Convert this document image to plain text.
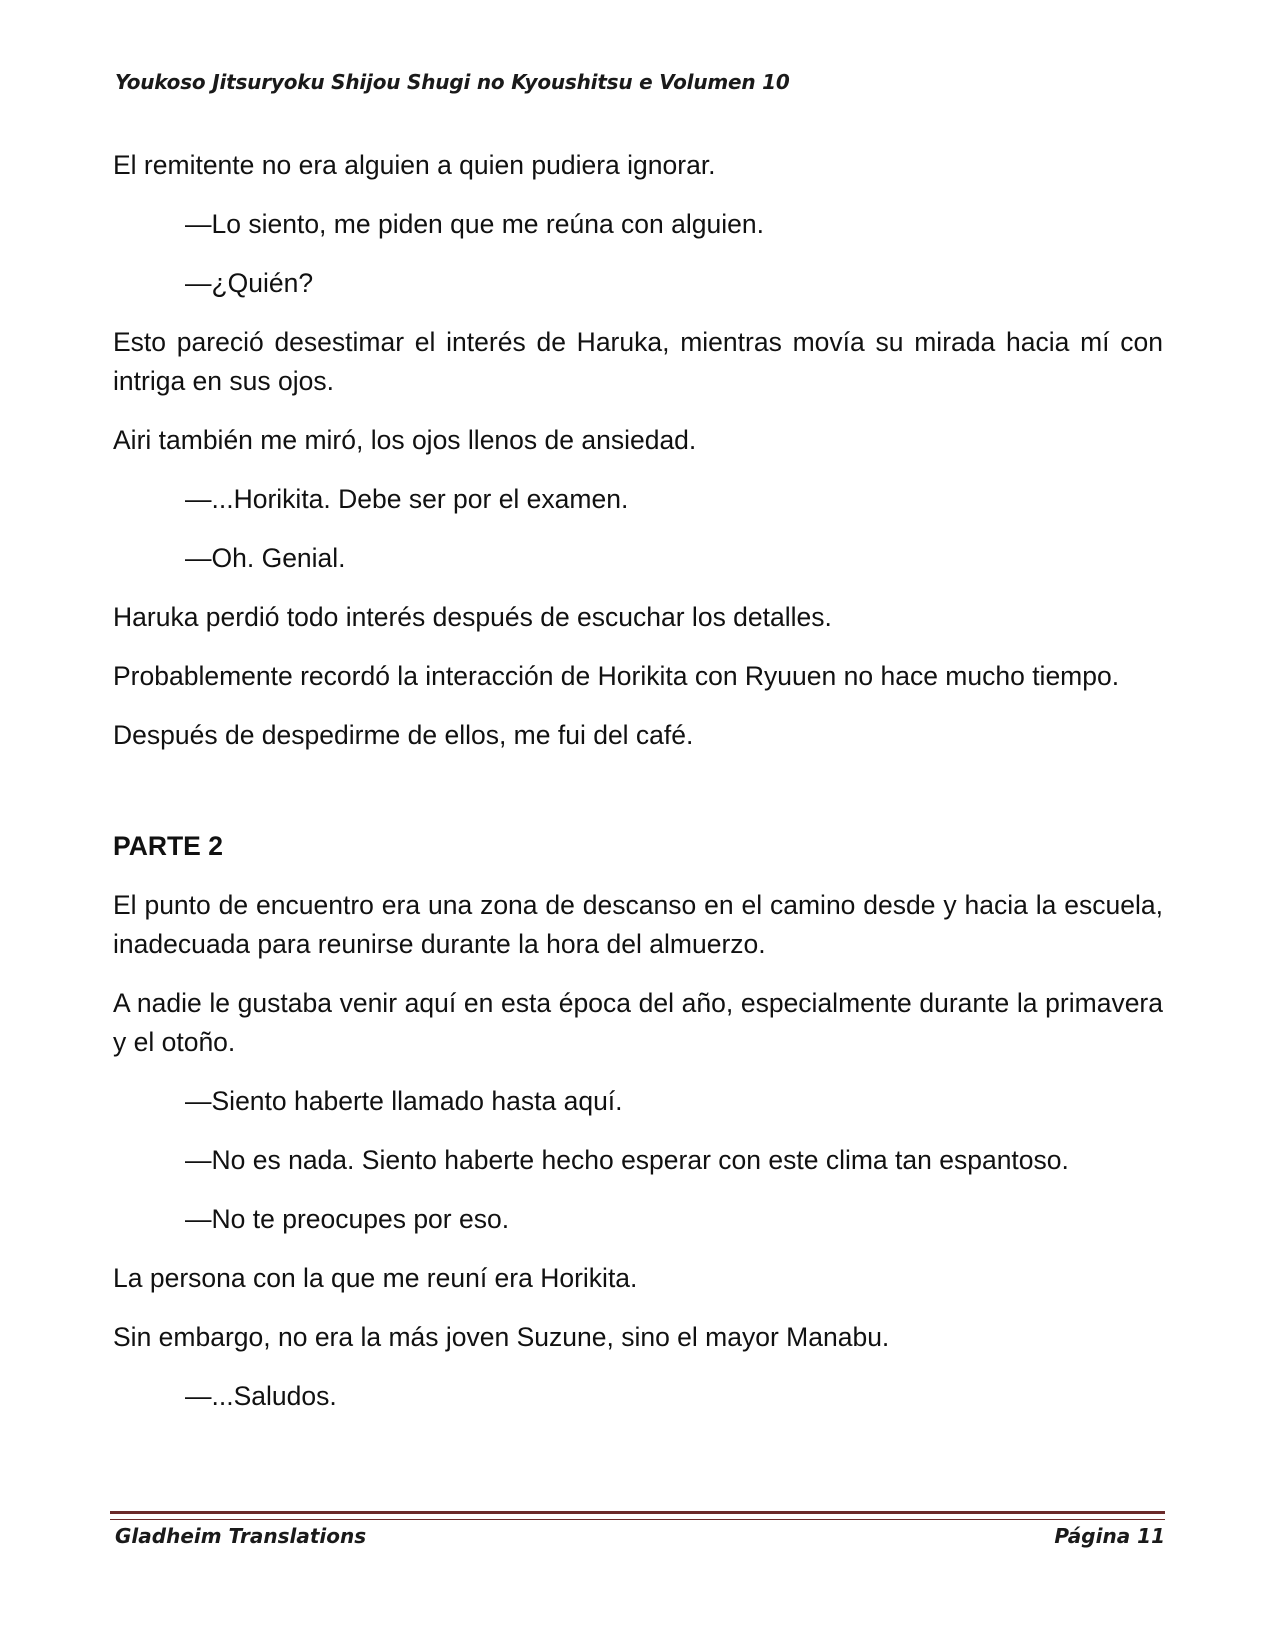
Youkoso Jitsuryoku Shijou Shugi no Kyoushitsu e Volumen 10

El remitente no era alguien a quien pudiera ignorar.

—Lo siento, me piden que me reúna con alguien.

—¿Quién?

Esto pareció desestimar el interés de Haruka, mientras movía su mirada hacia mí con intriga en sus ojos.

Airi también me miró, los ojos llenos de ansiedad.

—...Horikita. Debe ser por el examen.

—Oh. Genial.

Haruka perdió todo interés después de escuchar los detalles.

Probablemente recordó la interacción de Horikita con Ryuuen no hace mucho tiempo.

Después de despedirme de ellos, me fui del café.

PARTE 2

El punto de encuentro era una zona de descanso en el camino desde y hacia la escuela, inadecuada para reunirse durante la hora del almuerzo.

A nadie le gustaba venir aquí en esta época del año, especialmente durante la primavera y el otoño.

—Siento haberte llamado hasta aquí.

—No es nada. Siento haberte hecho esperar con este clima tan espantoso.

—No te preocupes por eso.

La persona con la que me reuní era Horikita.

Sin embargo, no era la más joven Suzune, sino el mayor Manabu.

—...Saludos.

Gladheim Translations	Página 11
